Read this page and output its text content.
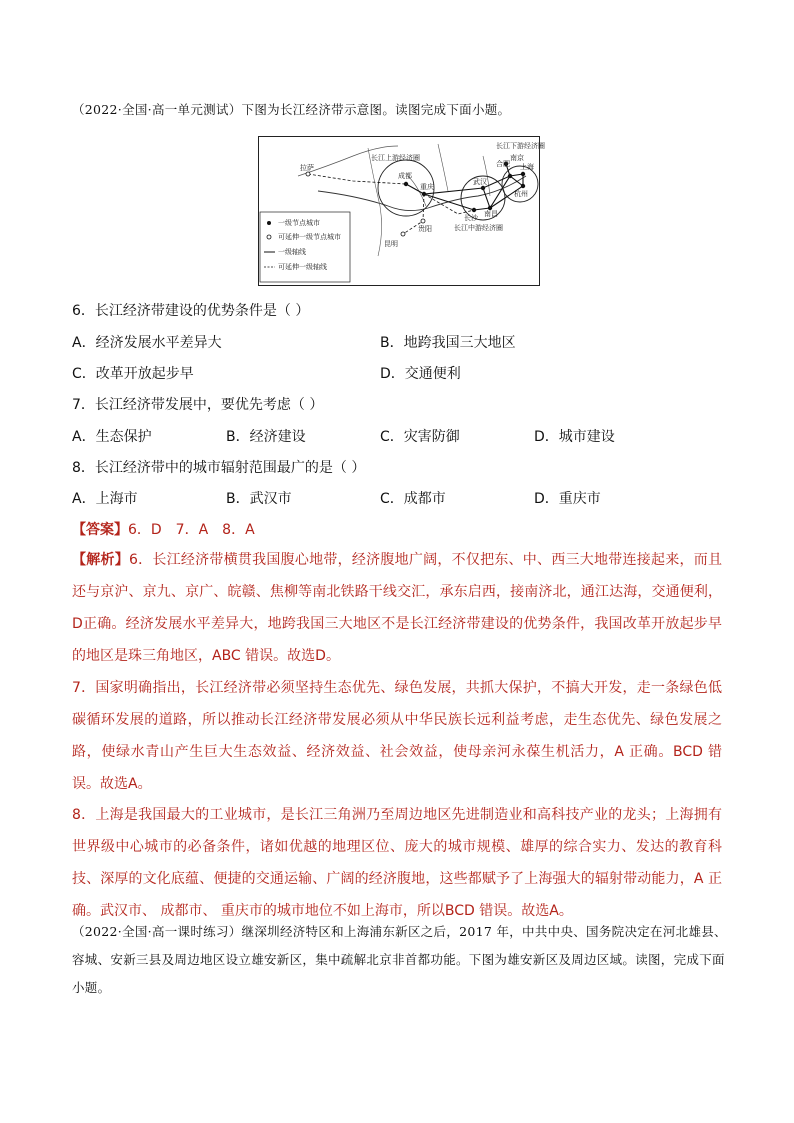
（2022·全国·高一单元测试）下图为长江经济带示意图。读图完成下面小题。
长江上游经济圈
长江下游经济圈
长江中游经济圈
拉萨
成都
重庆
武汉
合肥
南京
上海
杭州
南昌
长沙
贵阳
昆明
一级节点城市
可延伸一级节点城市
一级轴线
可延伸一级轴线
6．长江经济带建设的优势条件是（ ）
A．经济发展水平差异大	B．地跨我国三大地区
C．改革开放起步早	D．交通便利
7．长江经济带发展中，要优先考虑（ ）
A．生态保护	B．经济建设	C．灾害防御	D．城市建设
8．长江经济带中的城市辐射范围最广的是（ ）
A．上海市	B．武汉市	C．成都市	D．重庆市
【答案】6．D　7．A　8．A
【解析】6．长江经济带横贯我国腹心地带，经济腹地广阔，不仅把东、中、西三大地带连接起来，而且还与京沪、京九、京广、皖赣、焦柳等南北铁路干线交汇，承东启西，接南济北，通江达海，交通便利，D正确。经济发展水平差异大，地跨我国三大地区不是长江经济带建设的优势条件，我国改革开放起步早的地区是珠三角地区，ABC 错误。故选D。
7．国家明确指出，长江经济带必须坚持生态优先、绿色发展，共抓大保护，不搞大开发，走一条绿色低碳循环发展的道路，所以推动长江经济带发展必须从中华民族长远利益考虑，走生态优先、绿色发展之路，使绿水青山产生巨大生态效益、经济效益、社会效益，使母亲河永葆生机活力，A 正确。BCD 错误。故选A。
8．上海是我国最大的工业城市，是长江三角洲乃至周边地区先进制造业和高科技产业的龙头；上海拥有世界级中心城市的必备条件，诸如优越的地理区位、庞大的城市规模、雄厚的综合实力、发达的教育科技、深厚的文化底蕴、便捷的交通运输、广阔的经济腹地，这些都赋予了上海强大的辐射带动能力，A 正确。武汉市、 成都市、 重庆市的城市地位不如上海市，所以BCD 错误。故选A。
（2022·全国·高一课时练习）继深圳经济特区和上海浦东新区之后，2017 年，中共中央、国务院决定在河北雄县、容城、安新三县及周边地区设立雄安新区，集中疏解北京非首都功能。下图为雄安新区及周边区域。读图，完成下面小题。
